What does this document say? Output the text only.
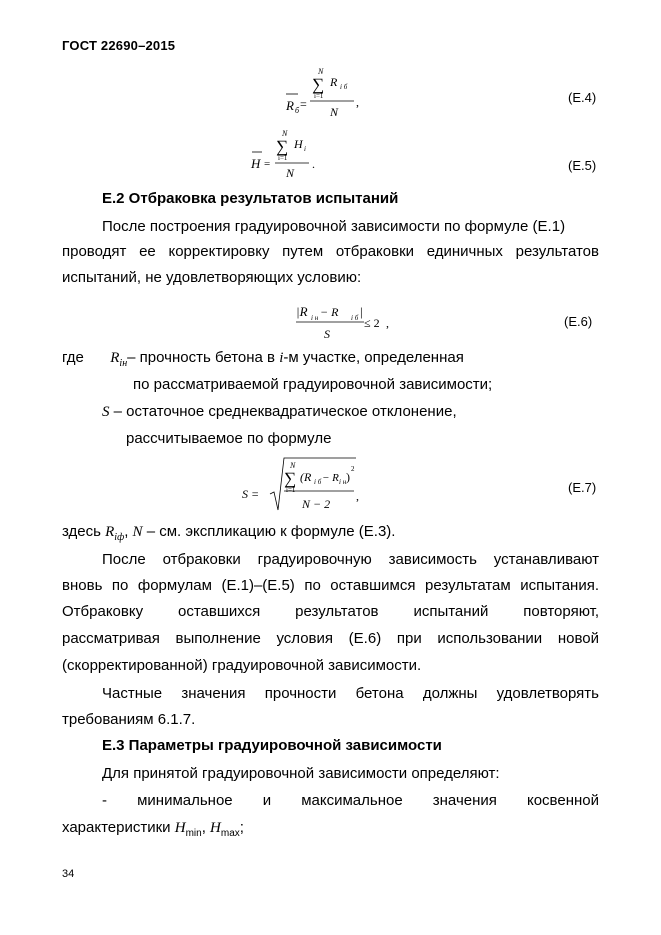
ГОСТ 22690–2015
R б =
N
∑
i=1
R i б
N
,	(Е.4)
H =
N
∑
i=1
H i
N
.	(Е.5)
Е.2 Отбраковка результатов испытаний
После построения градуировочной зависимости по формуле (Е.1)
проводят ее корректировку путем отбраковки единичных результатов
испытаний, не удовлетворяющих условию:
|R i н − R i б |
S
≤ 2 ,	(Е.6)
где $R_{iн}-$ прочность бетона в i-м участке, определенная
по рассматриваемой градуировочной зависимости;
S – остаточное среднеквадратическое отклонение,
рассчитываемое по формуле
S =
N
∑
i=1
(R i б − R i н )
2
N − 2
,
(Е.7)
здесь $R_{iф}$, N – см. экспликацию к формуле (Е.3).
После отбраковки градуировочную зависимость устанавливают
вновь по формулам (Е.1)–(Е.5) по оставшимся результатам испытания.
Отбраковку оставшихся результатов испытаний повторяют,
рассматривая выполнение условия (Е.6) при использовании новой
(скорректированной) градуировочной зависимости.
Частные значения прочности бетона должны удовлетворять
требованиям 6.1.7.
Е.3 Параметры градуировочной зависимости
Для принятой градуировочной зависимости определяют:
- минимальное и максимальное значения косвенной
характеристики $H_{min}$, $H_{max}$;
34
